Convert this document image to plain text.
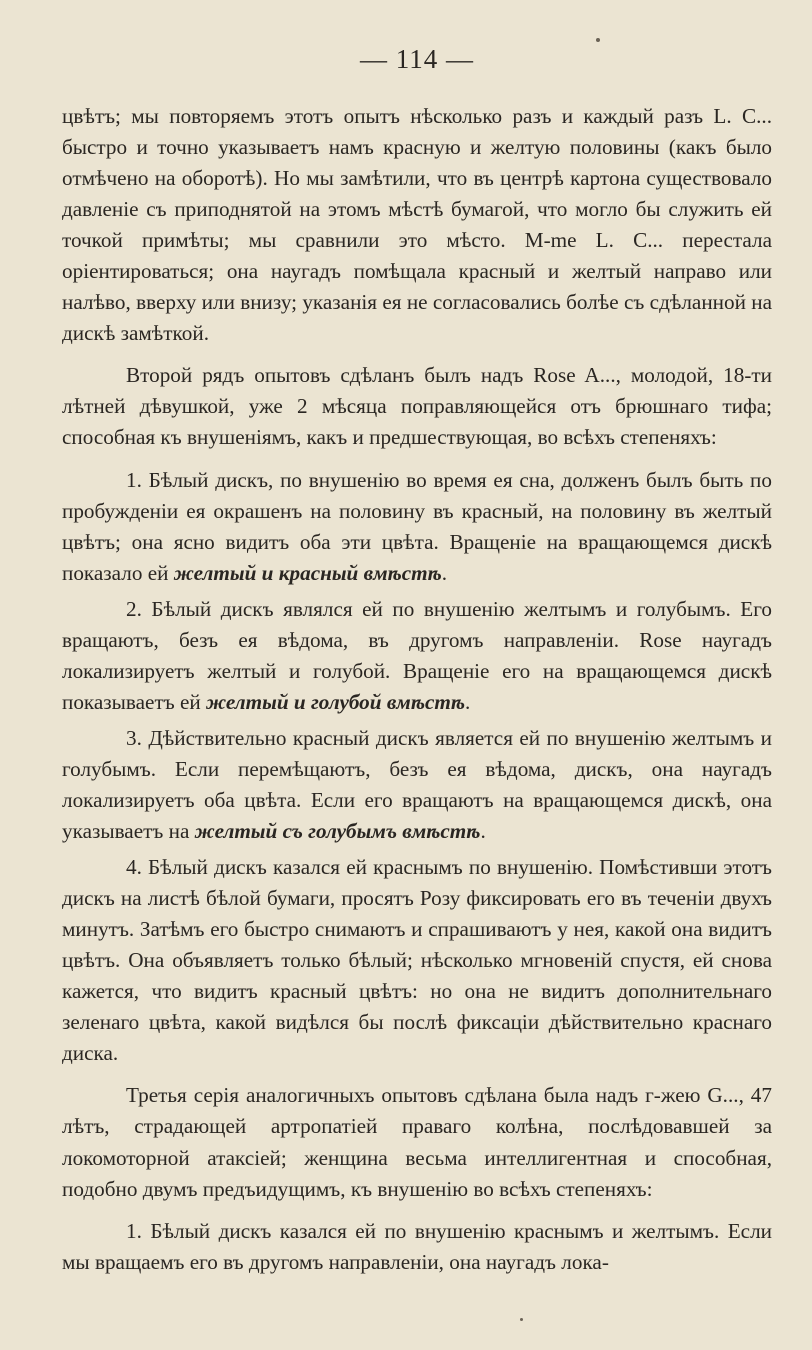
— 114 —

цвѣтъ; мы повторяемъ этотъ опытъ нѣсколько разъ и каждый разъ L. C... быстро и точно указываетъ намъ красную и желтую половины (какъ было отмѣчено на оборотѣ). Но мы замѣтили, что въ центрѣ картона существовало давленіе съ приподнятой на этомъ мѣстѣ бумагой, что могло бы служить ей точкой примѣты; мы сравнили это мѣсто. M-me L. C... перестала оріентироваться; она наугадъ помѣщала красный и желтый направо или налѣво, вверху или внизу; указанія ея не согласовались болѣе съ сдѣланной на дискѣ замѣткой.

Второй рядъ опытовъ сдѣланъ былъ надъ Rose A..., молодой, 18-ти лѣтней дѣвушкой, уже 2 мѣсяца поправляющейся отъ брюшнаго тифа; способная къ внушеніямъ, какъ и предшествующая, во всѣхъ степеняхъ:

1. Бѣлый дискъ, по внушенію во время ея сна, долженъ былъ быть по пробужденіи ея окрашенъ на половину въ красный, на половину въ желтый цвѣтъ; она ясно видитъ оба эти цвѣта. Вращеніе на вращающемся дискѣ показало ей желтый и красный вмѣстѣ.

2. Бѣлый дискъ являлся ей по внушенію желтымъ и голубымъ. Его вращаютъ, безъ ея вѣдома, въ другомъ направленіи. Rose наугадъ локализируетъ желтый и голубой. Вращеніе его на вращающемся дискѣ показываетъ ей желтый и голубой вмѣстѣ.

3. Дѣйствительно красный дискъ является ей по внушенію желтымъ и голубымъ. Если перемѣщаютъ, безъ ея вѣдома, дискъ, она наугадъ локализируетъ оба цвѣта. Если его вращаютъ на вращающемся дискѣ, она указываетъ на желтый съ голубымъ вмѣстѣ.

4. Бѣлый дискъ казался ей краснымъ по внушенію. Помѣстивши этотъ дискъ на листѣ бѣлой бумаги, просятъ Розу фиксировать его въ теченіи двухъ минутъ. Затѣмъ его быстро снимаютъ и спрашиваютъ у нея, какой она видитъ цвѣтъ. Она объявляетъ только бѣлый; нѣсколько мгновеній спустя, ей снова кажется, что видитъ красный цвѣтъ: но она не видитъ дополнительнаго зеленаго цвѣта, какой видѣлся бы послѣ фиксаціи дѣйствительно краснаго диска.

Третья серія аналогичныхъ опытовъ сдѣлана была надъ г-жею G..., 47 лѣтъ, страдающей артропатіей праваго колѣна, послѣдовавшей за локомоторной атаксіей; женщина весьма интеллигентная и способная, подобно двумъ предъидущимъ, къ внушенію во всѣхъ степеняхъ:

1. Бѣлый дискъ казался ей по внушенію краснымъ и желтымъ. Если мы вращаемъ его въ другомъ направленіи, она наугадъ лока-
